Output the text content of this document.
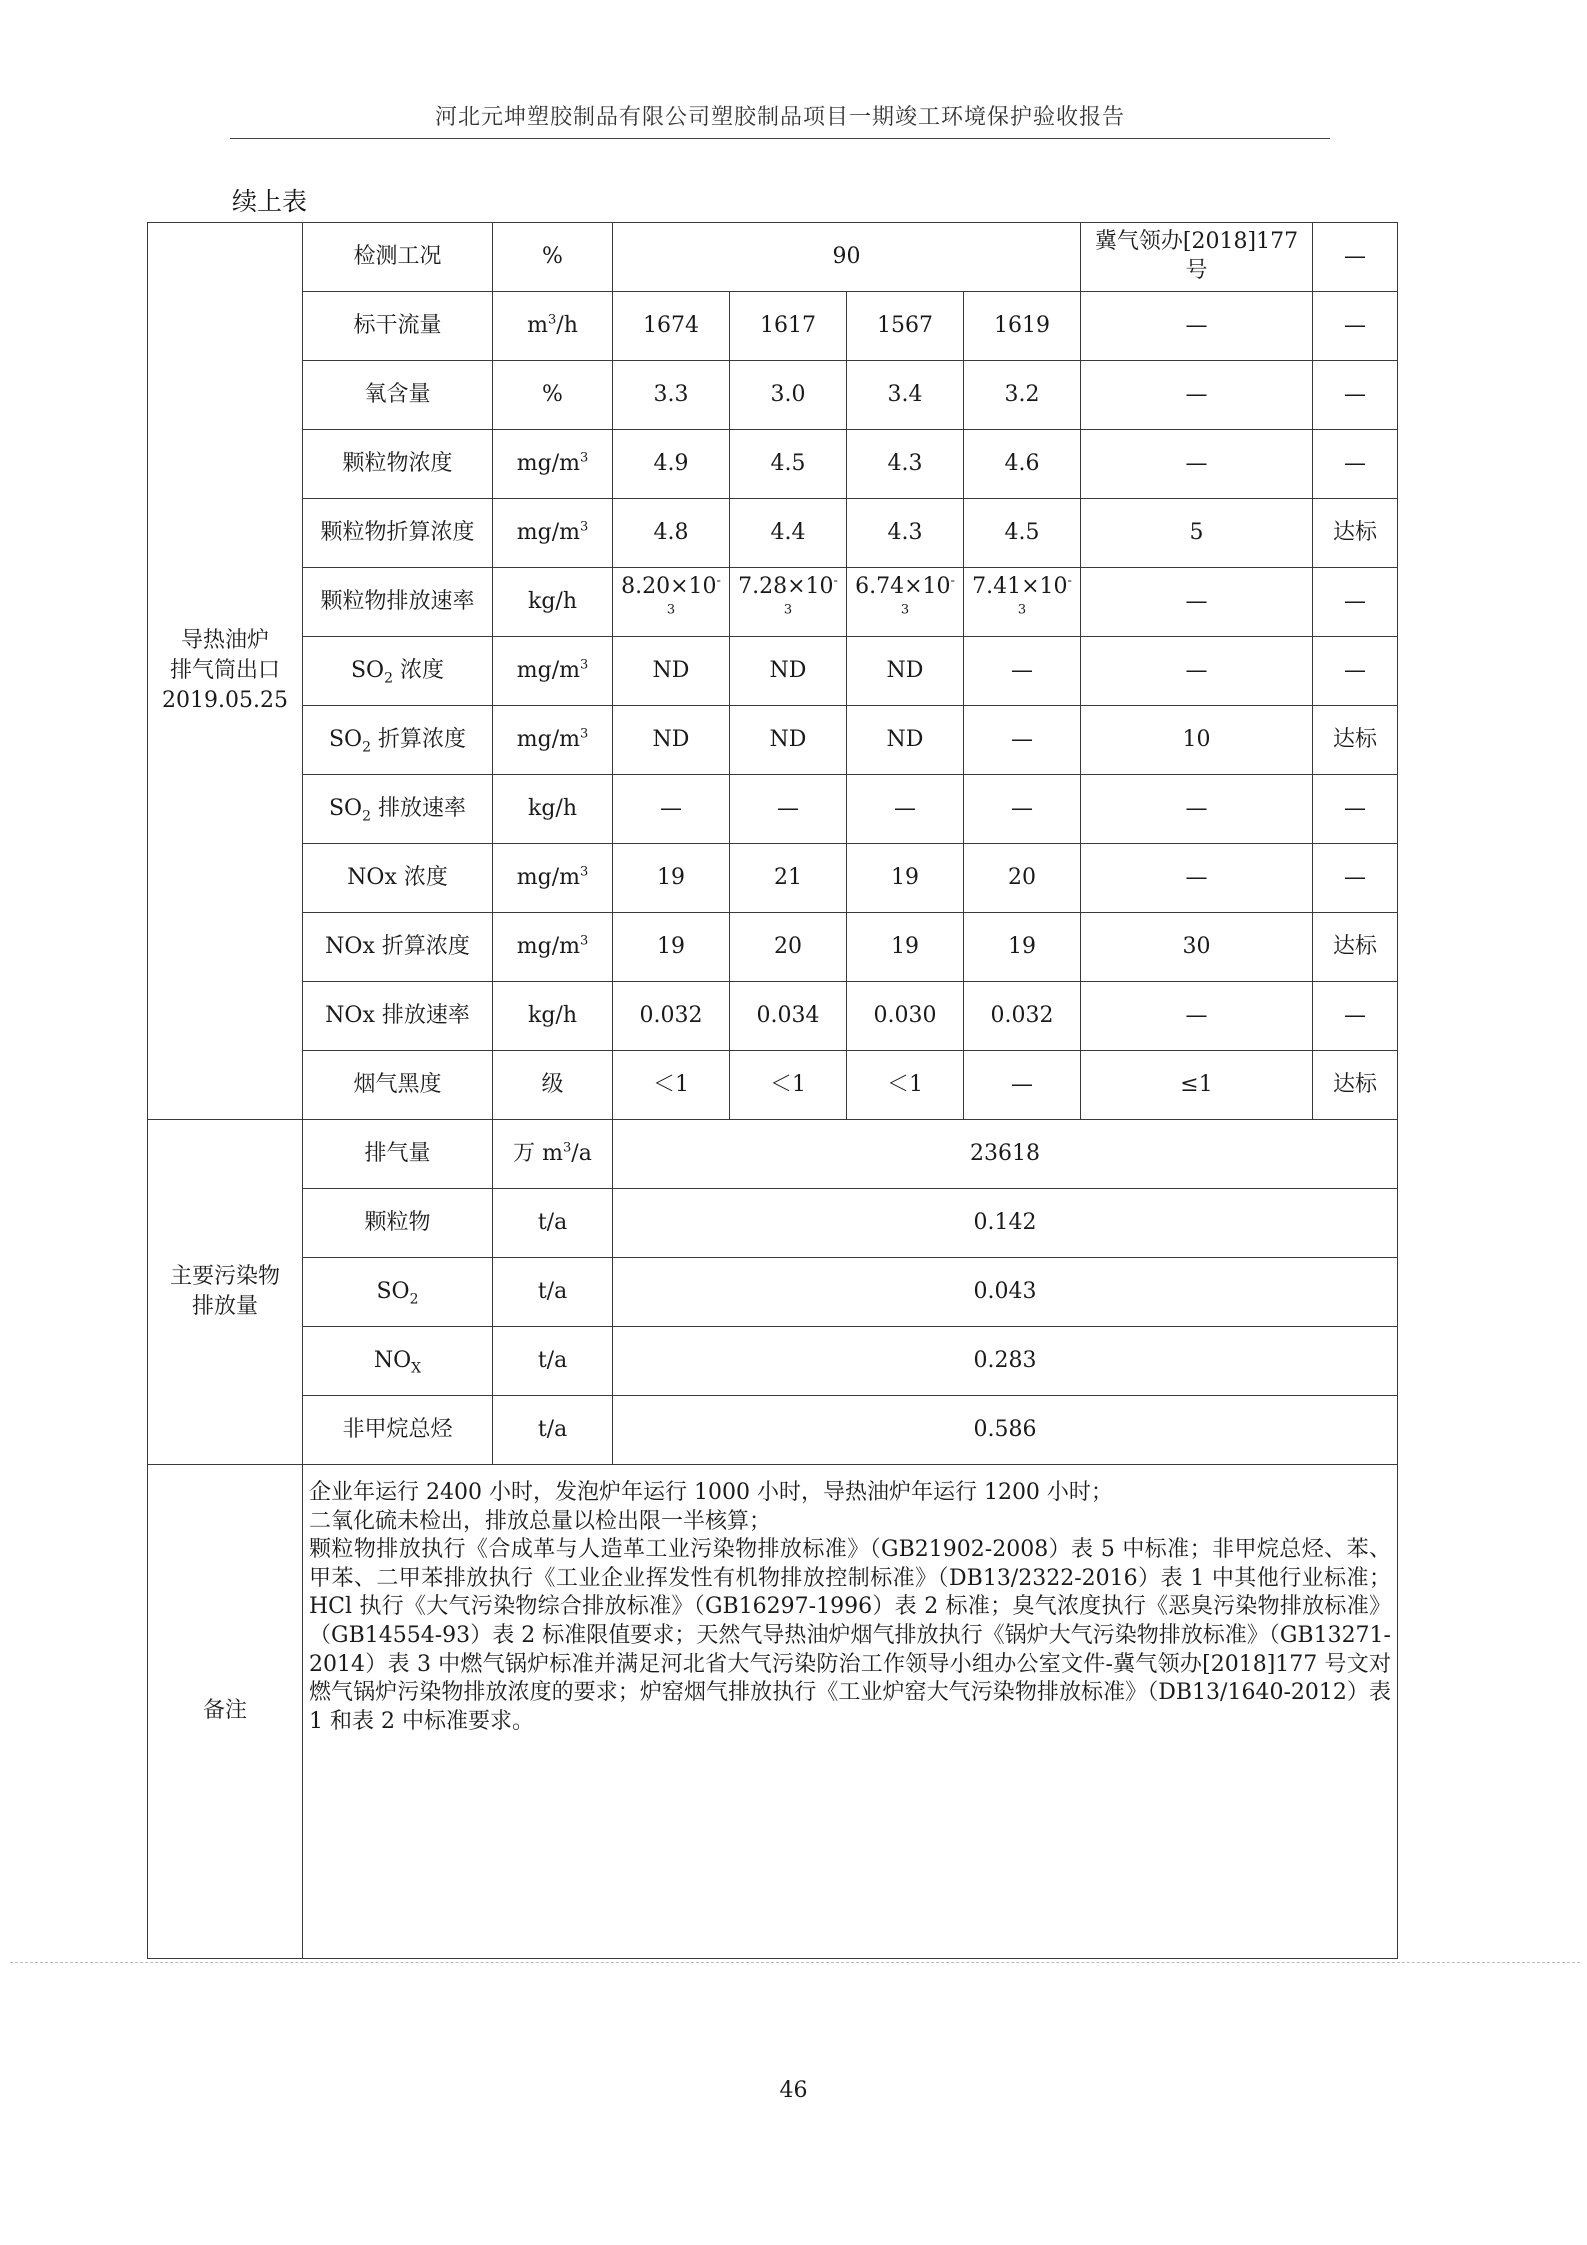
河北元坤塑胶制品有限公司塑胶制品项目一期竣工环境保护验收报告
续上表
导热油炉
排气筒出口
2019.05.25	检测工况	%	90				冀气领办[2018]177 号	—
	标干流量	$m^3/h$	1674	1617	1567	1619	—	—
	氧含量	%	3.3	3.0	3.4	3.2	—	—
	颗粒物浓度	$mg/m^3$	4.9	4.5	4.3	4.6	—	—
	颗粒物折算浓度	$mg/m^3$	4.8	4.4	4.3	4.5	5	达标
	颗粒物排放速率	kg/h	$8.20\times 10^{-3}$	$7.28\times 10^{-3}$	$6.74\times 10^{-3}$	$7.41\times 10^{-3}$	—	—
	$SO_2$ 浓度	$mg/m^3$	ND	ND	ND	—	—	—
	$SO_2$ 折算浓度	$mg/m^3$	ND	ND	ND	—	10	达标
	$SO_2$ 排放速率	kg/h	—	—	—	—	—	—
	NOx 浓度	$mg/m^3$	19	21	19	20	—	—
	NOx 折算浓度	$mg/m^3$	19	20	19	19	30	达标
	NOx 排放速率	kg/h	0.032	0.034	0.030	0.032	—	—
	烟气黑度	级	＜1	＜1	＜1	—	≤1	达标

主要污染物
排放量	排气量	万 $m^3/a$	23618					
	颗粒物	t/a	0.142					
	$SO_2$	t/a	0.043					
	$NO_X$	t/a	0.283					
	非甲烷总烃	t/a	0.586					
备注	企业年运行 2400 小时，发泡炉年运行 1000 小时，导热油炉年运行 1200 小时；

二氧化硫未检出，排放总量以检出限一半核算；

颗粒物排放执行《合成革与人造革工业污染物排放标准》（GB21902-2008）表 5 中标准；非甲烷总烃、苯、甲苯、二甲苯排放执行《工业企业挥发性有机物排放控制标准》（DB13/2322-2016）表 1 中其他行业标准；HCl 执行《大气污染物综合排放标准》（GB16297-1996）表 2 标准；臭气浓度执行《恶臭污染物排放标准》（GB14554-93）表 2 标准限值要求；天然气导热油炉烟气排放执行《锅炉大气污染物排放标准》（GB13271-2014）表 3 中燃气锅炉标准并满足河北省大气污染防治工作领导小组办公室文件-冀气领办[2018]177 号文对燃气锅炉污染物排放浓度的要求；炉窑烟气排放执行《工业炉窑大气污染物排放标准》（DB13/1640-2012）表 1 和表 2 中标准要求。							

46
